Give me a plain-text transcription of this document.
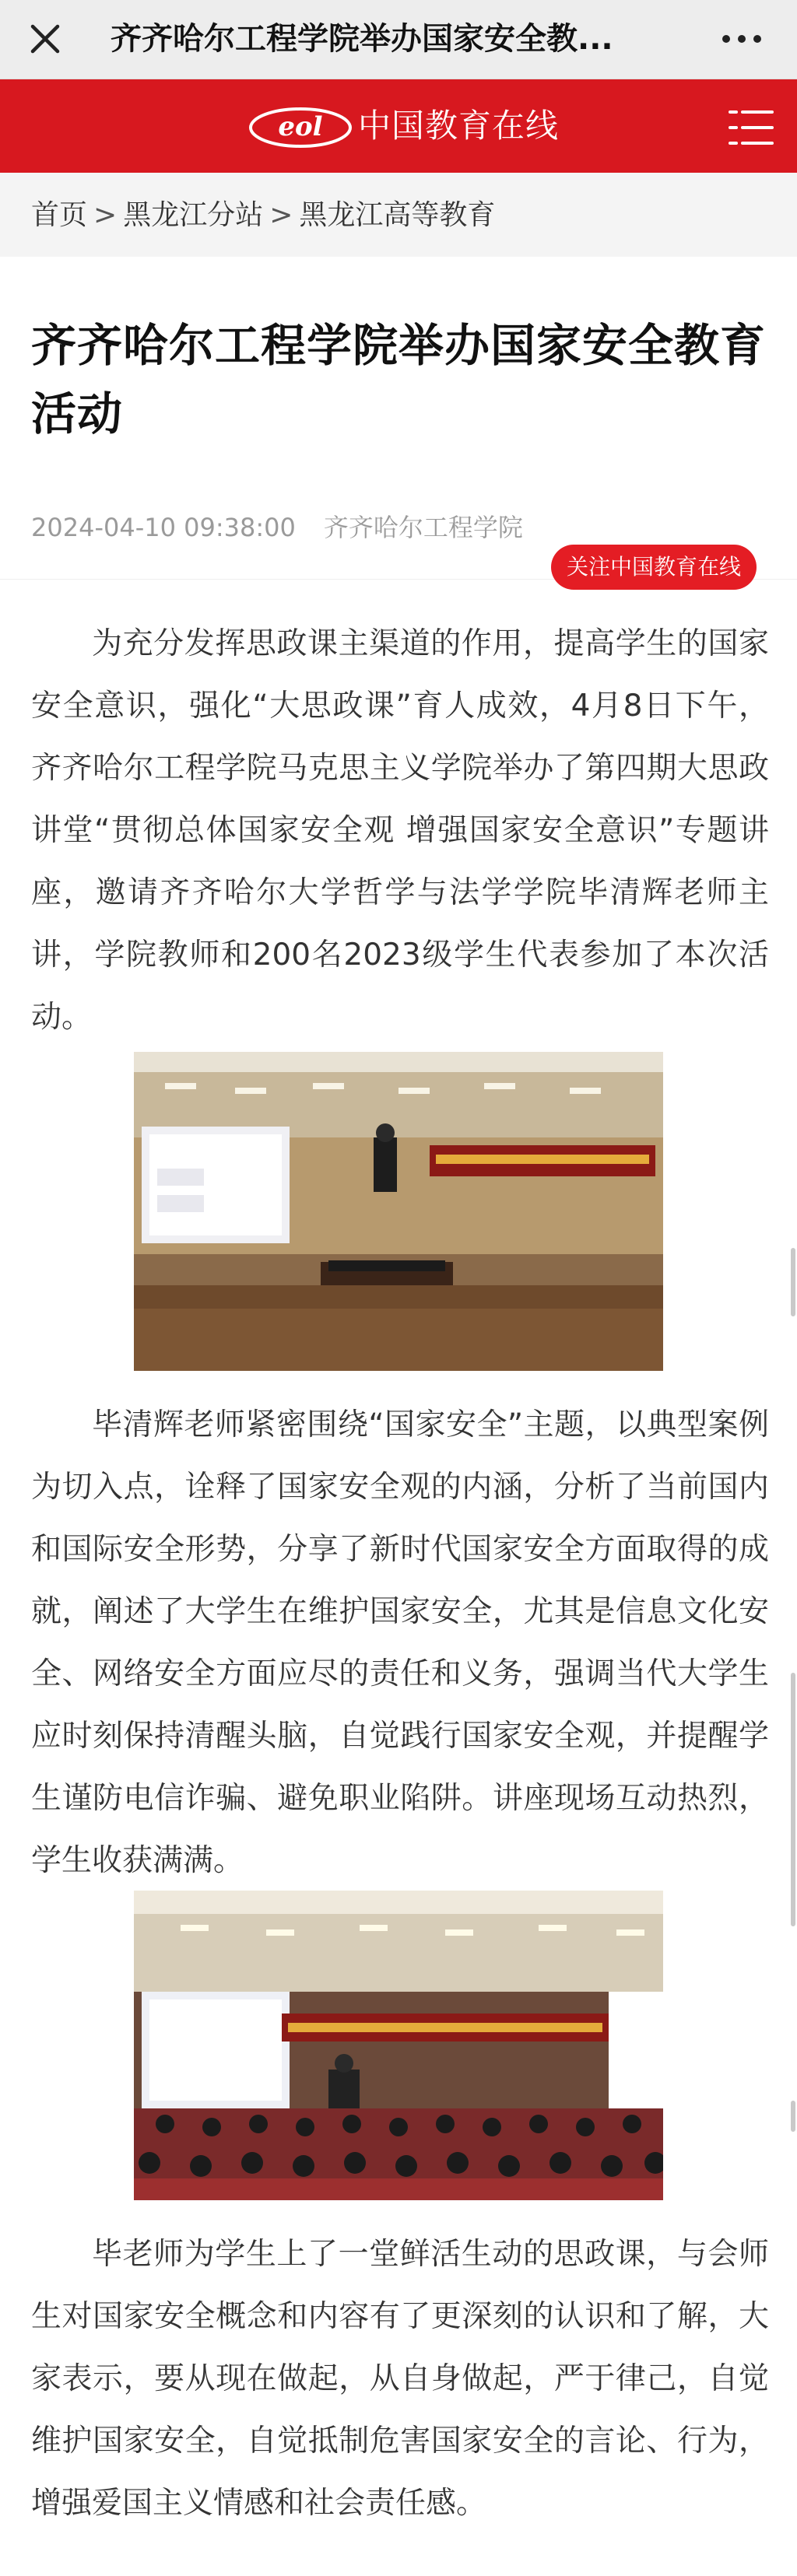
齐齐哈尔工程学院举办国家安全教...
eol 中国教育在线
首页 > 黑龙江分站 > 黑龙江高等教育
齐齐哈尔工程学院举办国家安全教育活动
2024-04-10 09:38:00 齐齐哈尔工程学院
关注中国教育在线

为充分发挥思政课主渠道的作用，提高学生的国家安全意识，强化“大思政课”育人成效，4月8日下午，齐齐哈尔工程学院马克思主义学院举办了第四期大思政讲堂“贯彻总体国家安全观 增强国家安全意识”专题讲座，邀请齐齐哈尔大学哲学与法学学院毕清辉老师主讲，学院教师和200名2023级学生代表参加了本次活动。

毕清辉老师紧密围绕“国家安全”主题，以典型案例为切入点，诠释了国家安全观的内涵，分析了当前国内和国际安全形势，分享了新时代国家安全方面取得的成就，阐述了大学生在维护国家安全，尤其是信息文化安全、网络安全方面应尽的责任和义务，强调当代大学生应时刻保持清醒头脑，自觉践行国家安全观，并提醒学生谨防电信诈骗、避免职业陷阱。讲座现场互动热烈，学生收获满满。

毕老师为学生上了一堂鲜活生动的思政课，与会师生对国家安全概念和内容有了更深刻的认识和了解，大家表示，要从现在做起，从自身做起，严于律己，自觉维护国家安全，自觉抵制危害国家安全的言论、行为，增强爱国主义情感和社会责任感。
